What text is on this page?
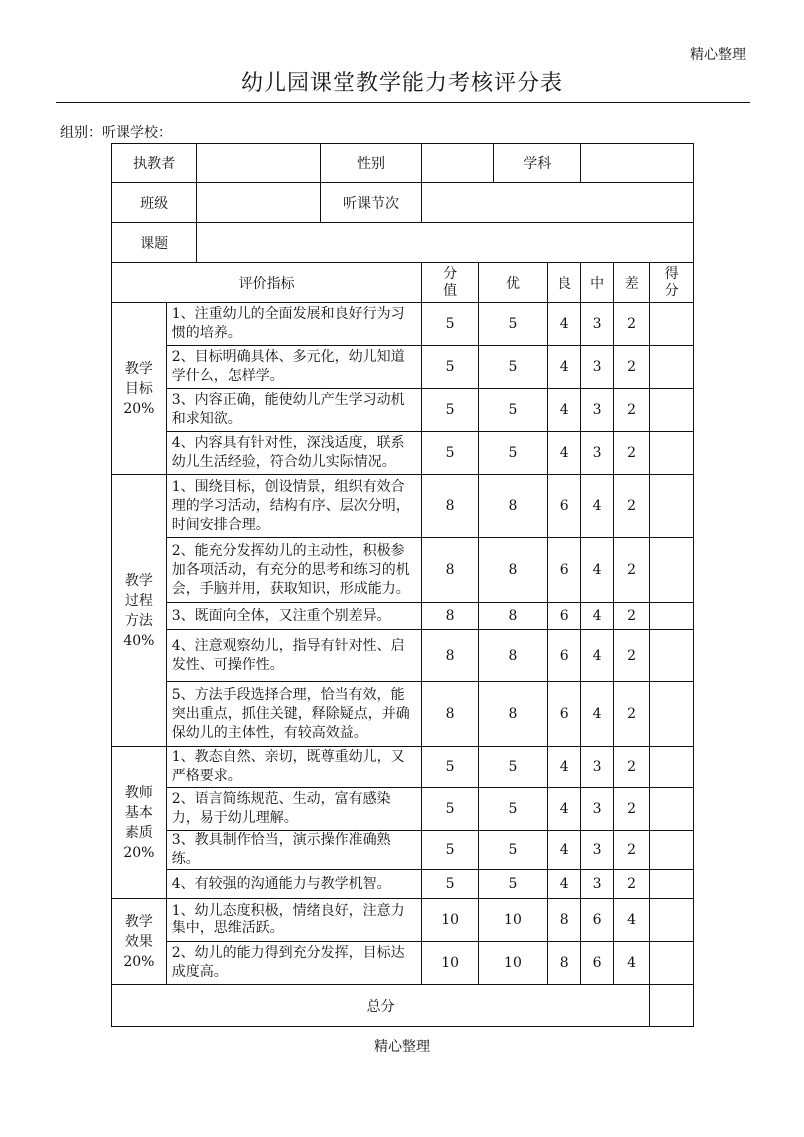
精心整理
幼儿园课堂教学能力考核评分表
组别：听课学校：
执教者			性别			学科				
班级			听课节次							
课题										
评价指标				分值	优		良	中	差	得分

教学
目标
20%	1、注重幼儿的全面发展和良好行为习惯的培养。			5	5		4	3	2	
	2、目标明确具体、多元化，幼儿知道学什么，怎样学。			5	5		4	3	2	
	3、内容正确，能使幼儿产生学习动机和求知欲。			5	5		4	3	2	
	4、内容具有针对性，深浅适度，联系幼儿生活经验，符合幼儿实际情况。			5	5		4	3	2	

教学
过程
方法
40%	1、围绕目标，创设情景，组织有效合理的学习活动，结构有序、层次分明，时间安排合理。			8	8		6	4	2	
	2、能充分发挥幼儿的主动性，积极参加各项活动，有充分的思考和练习的机会，手脑并用，获取知识，形成能力。			8	8		6	4	2	
	3、既面向全体，又注重个别差异。			8	8		6	4	2	
	4、注意观察幼儿，指导有针对性、启发性、可操作性。			8	8		6	4	2	
	5、方法手段选择合理，恰当有效，能突出重点，抓住关键，释除疑点，并确保幼儿的主体性，有较高效益。			8	8		6	4	2	

教师
基本
素质
20%	1、教态自然、亲切，既尊重幼儿，又严格要求。			5	5		4	3	2	
	2、语言简练规范、生动，富有感染力，易于幼儿理解。			5	5		4	3	2	
	3、教具制作恰当，演示操作准确熟练。			5	5		4	3	2	
	4、有较强的沟通能力与教学机智。			5	5		4	3	2	

教学
效果
20%	1、幼儿态度积极，情绪良好，注意力集中，思维活跃。			10	10		8	6	4	
	2、幼儿的能力得到充分发挥，目标达成度高。			10	10		8	6	4	
总分										
精心整理
